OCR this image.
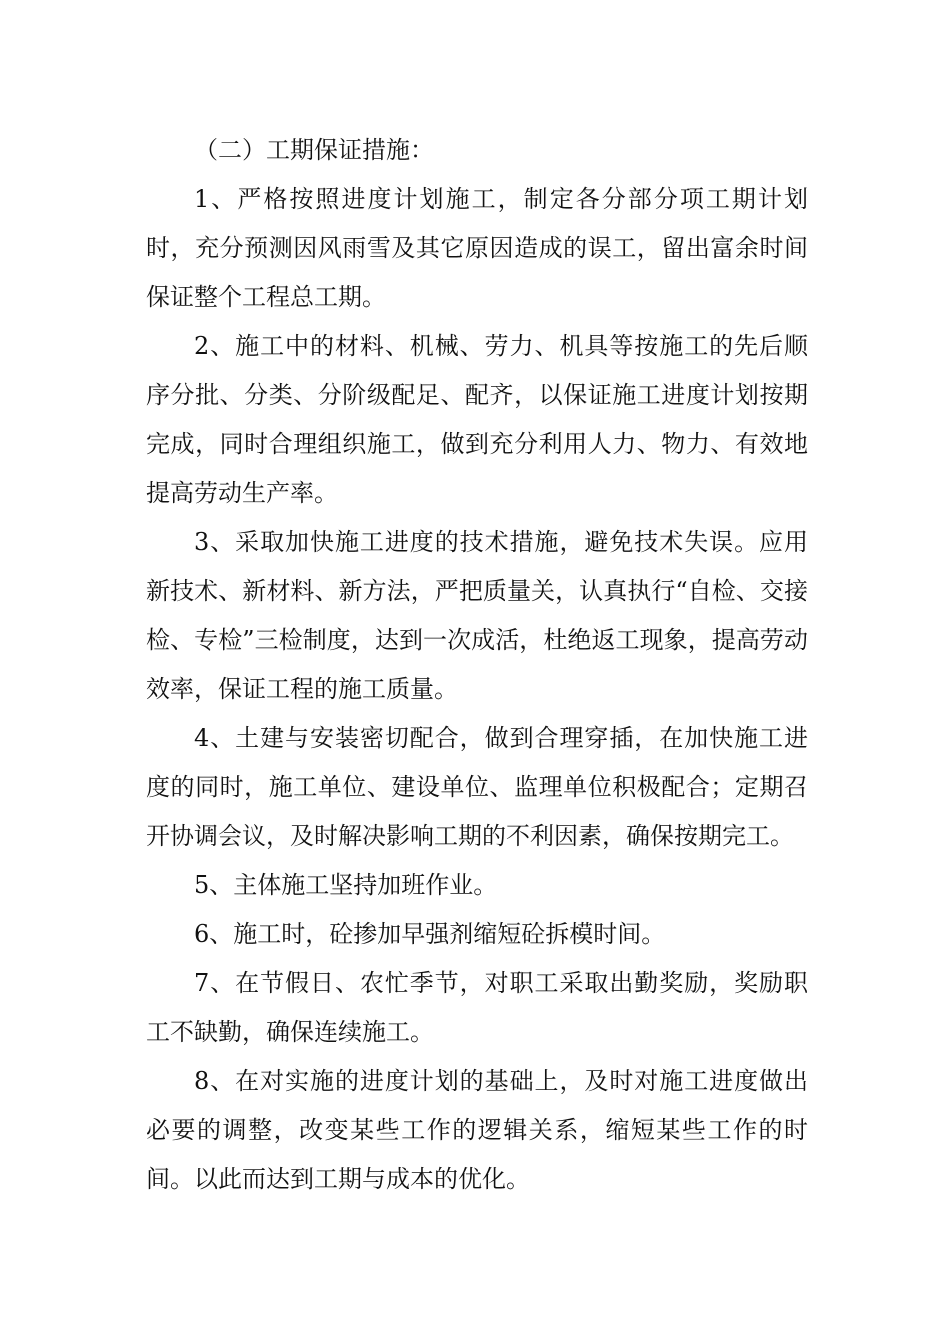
（二）工期保证措施：

1、严格按照进度计划施工，制定各分部分项工期计划时，充分预测因风雨雪及其它原因造成的误工，留出富余时间保证整个工程总工期。

2、施工中的材料、机械、劳力、机具等按施工的先后顺序分批、分类、分阶级配足、配齐，以保证施工进度计划按期完成，同时合理组织施工，做到充分利用人力、物力、有效地提高劳动生产率。

3、采取加快施工进度的技术措施，避免技术失误。应用新技术、新材料、新方法，严把质量关，认真执行“自检、交接检、专检”三检制度，达到一次成活，杜绝返工现象，提高劳动效率，保证工程的施工质量。

4、土建与安装密切配合，做到合理穿插，在加快施工进度的同时，施工单位、建设单位、监理单位积极配合；定期召开协调会议，及时解决影响工期的不利因素，确保按期完工。

5、主体施工坚持加班作业。

6、施工时，砼掺加早强剂缩短砼拆模时间。

7、在节假日、农忙季节，对职工采取出勤奖励，奖励职工不缺勤，确保连续施工。

8、在对实施的进度计划的基础上，及时对施工进度做出必要的调整，改变某些工作的逻辑关系，缩短某些工作的时间。以此而达到工期与成本的优化。
